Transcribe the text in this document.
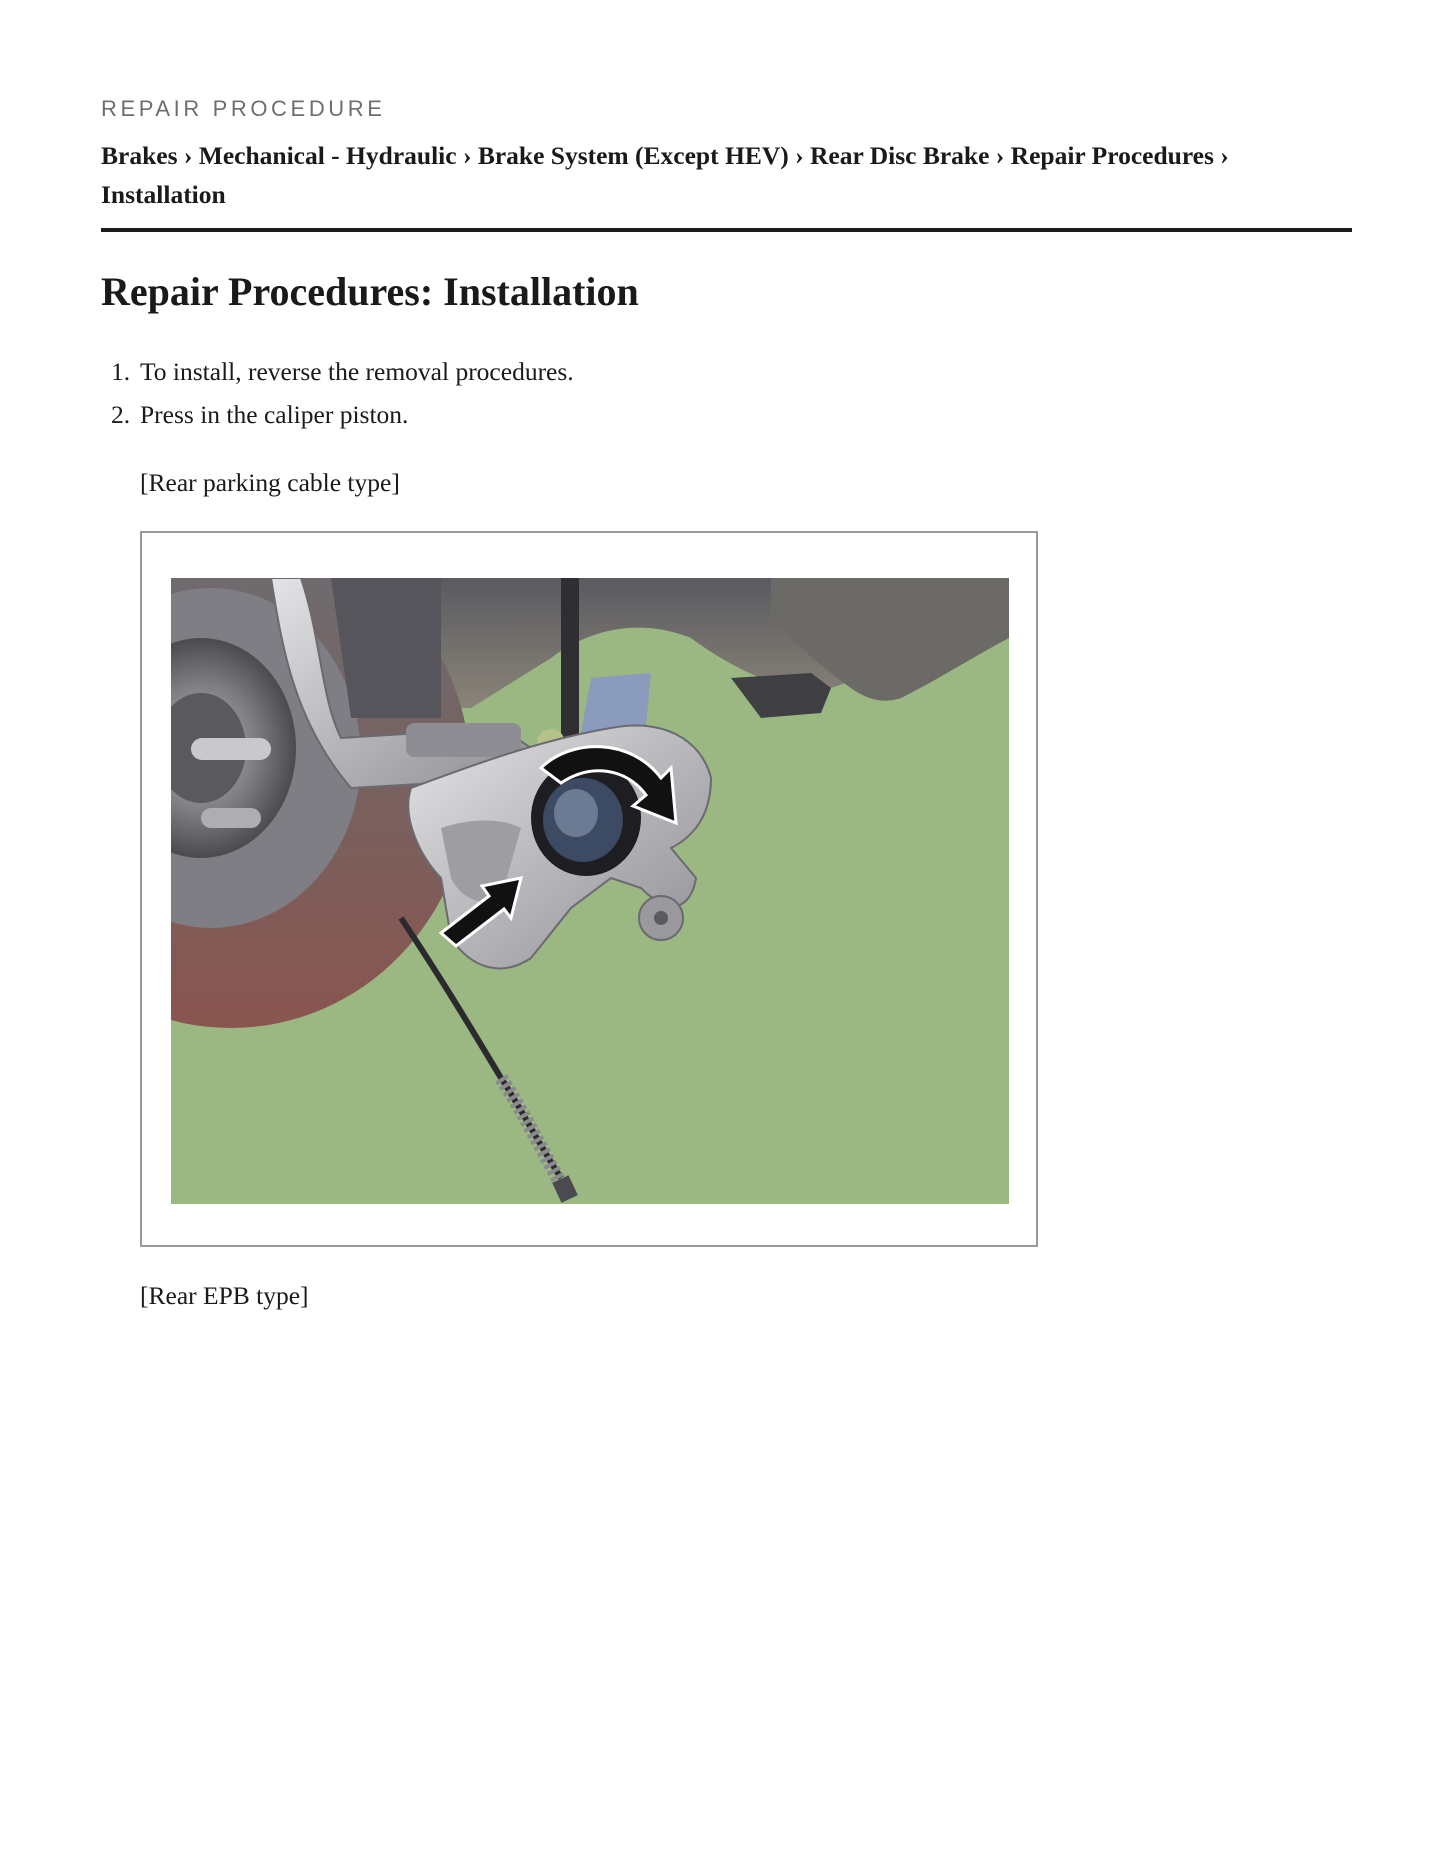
REPAIR PROCEDURE
Brakes › Mechanical - Hydraulic › Brake System (Except HEV) › Rear Disc Brake › Repair Procedures ›
Installation
Repair Procedures: Installation
1. To install, reverse the removal procedures.
2. Press in the caliper piston.
[Rear parking cable type]
[Rear EPB type]
